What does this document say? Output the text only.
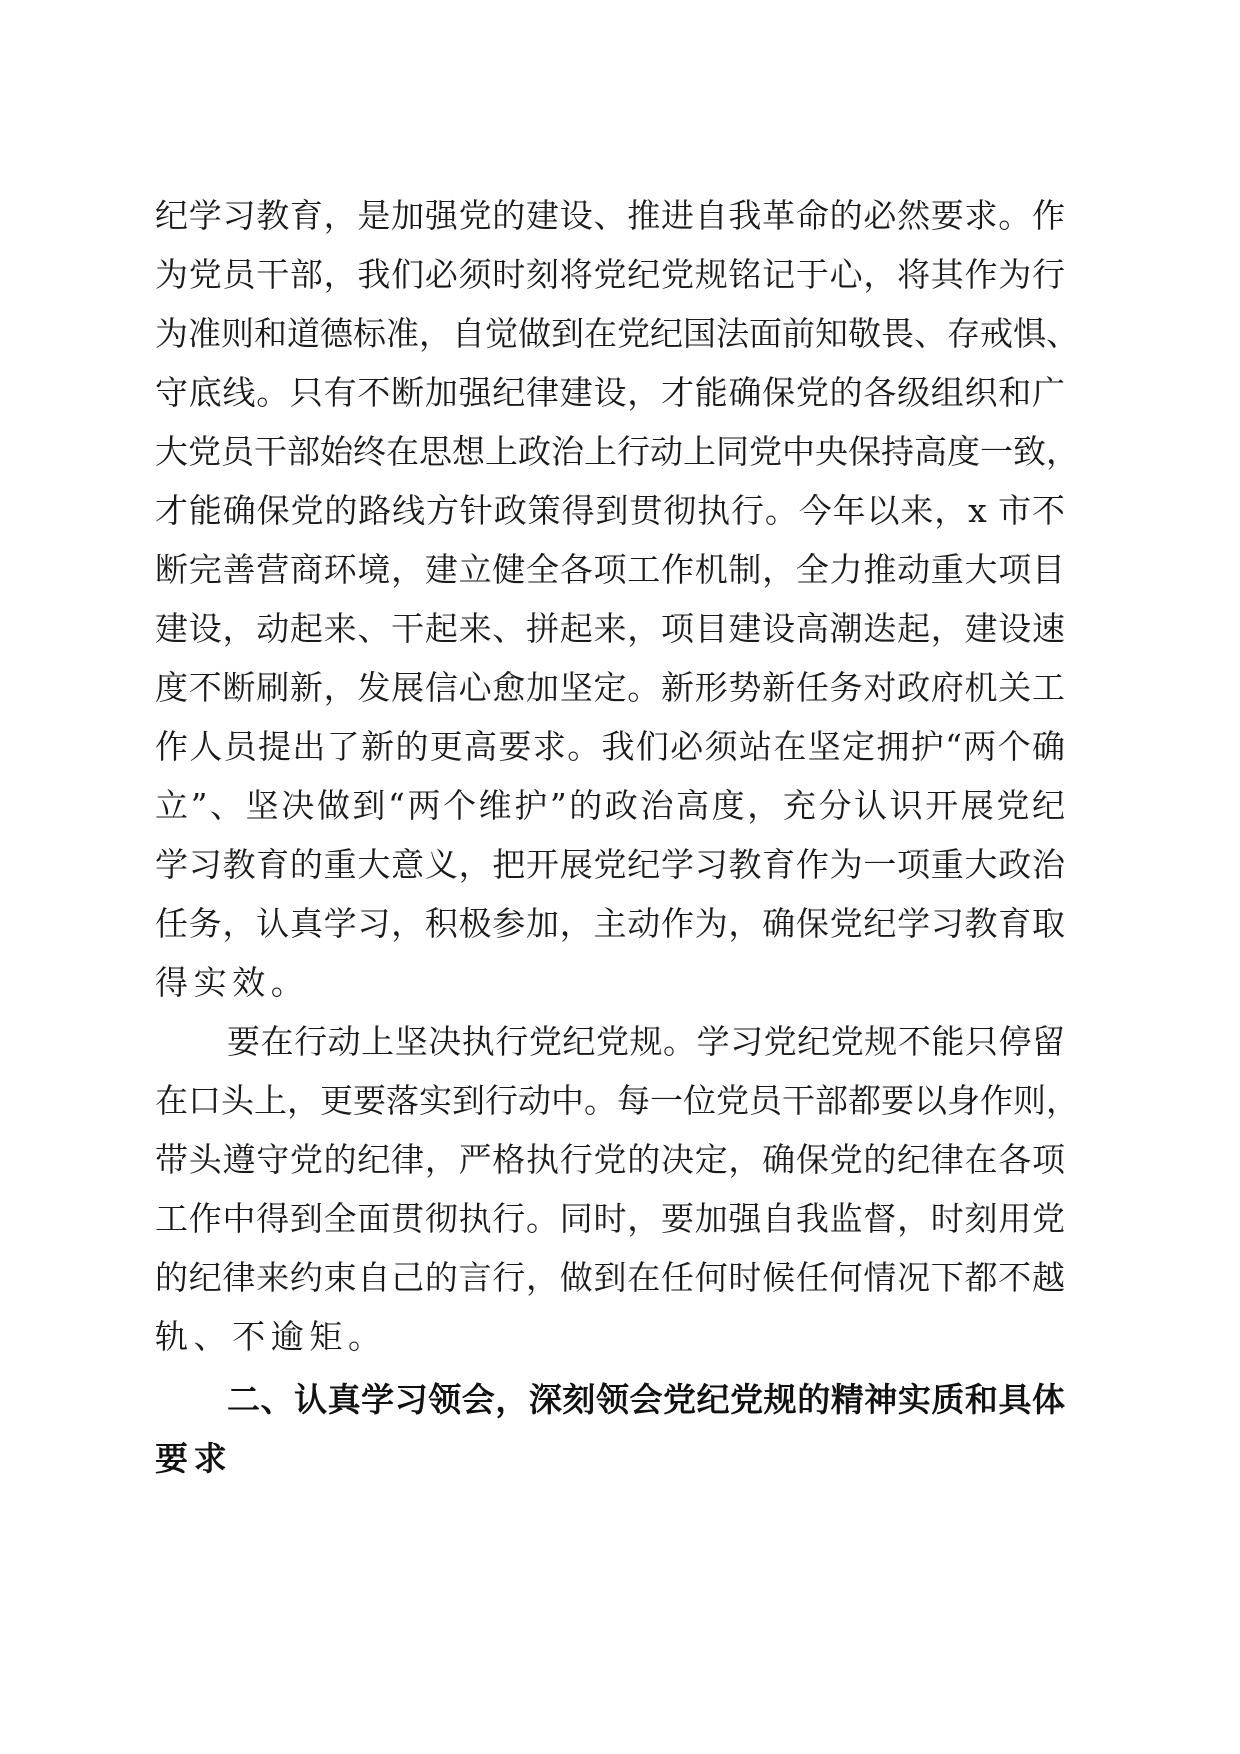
纪学习教育，是加强党的建设、推进自我革命的必然要求。作
为党员干部，我们必须时刻将党纪党规铭记于心，将其作为行
为准则和道德标准，自觉做到在党纪国法面前知敬畏、存戒惧、
守底线。只有不断加强纪律建设，才能确保党的各级组织和广
大党员干部始终在思想上政治上行动上同党中央保持高度一致，
才能确保党的路线方针政策得到贯彻执行。今年以来，x 市不
断完善营商环境，建立健全各项工作机制，全力推动重大项目
建设，动起来、干起来、拼起来，项目建设高潮迭起，建设速
度不断刷新，发展信心愈加坚定。新形势新任务对政府机关工
作人员提出了新的更高要求。我们必须站在坚定拥护“两个确
立”、坚决做到“两个维护”的政治高度，充分认识开展党纪
学习教育的重大意义，把开展党纪学习教育作为一项重大政治
任务，认真学习，积极参加，主动作为，确保党纪学习教育取
得实效。
要在行动上坚决执行党纪党规。学习党纪党规不能只停留
在口头上，更要落实到行动中。每一位党员干部都要以身作则，
带头遵守党的纪律，严格执行党的决定，确保党的纪律在各项
工作中得到全面贯彻执行。同时，要加强自我监督，时刻用党
的纪律来约束自己的言行，做到在任何时候任何情况下都不越
轨、不逾矩。
二、认真学习领会，深刻领会党纪党规的精神实质和具体
要求
